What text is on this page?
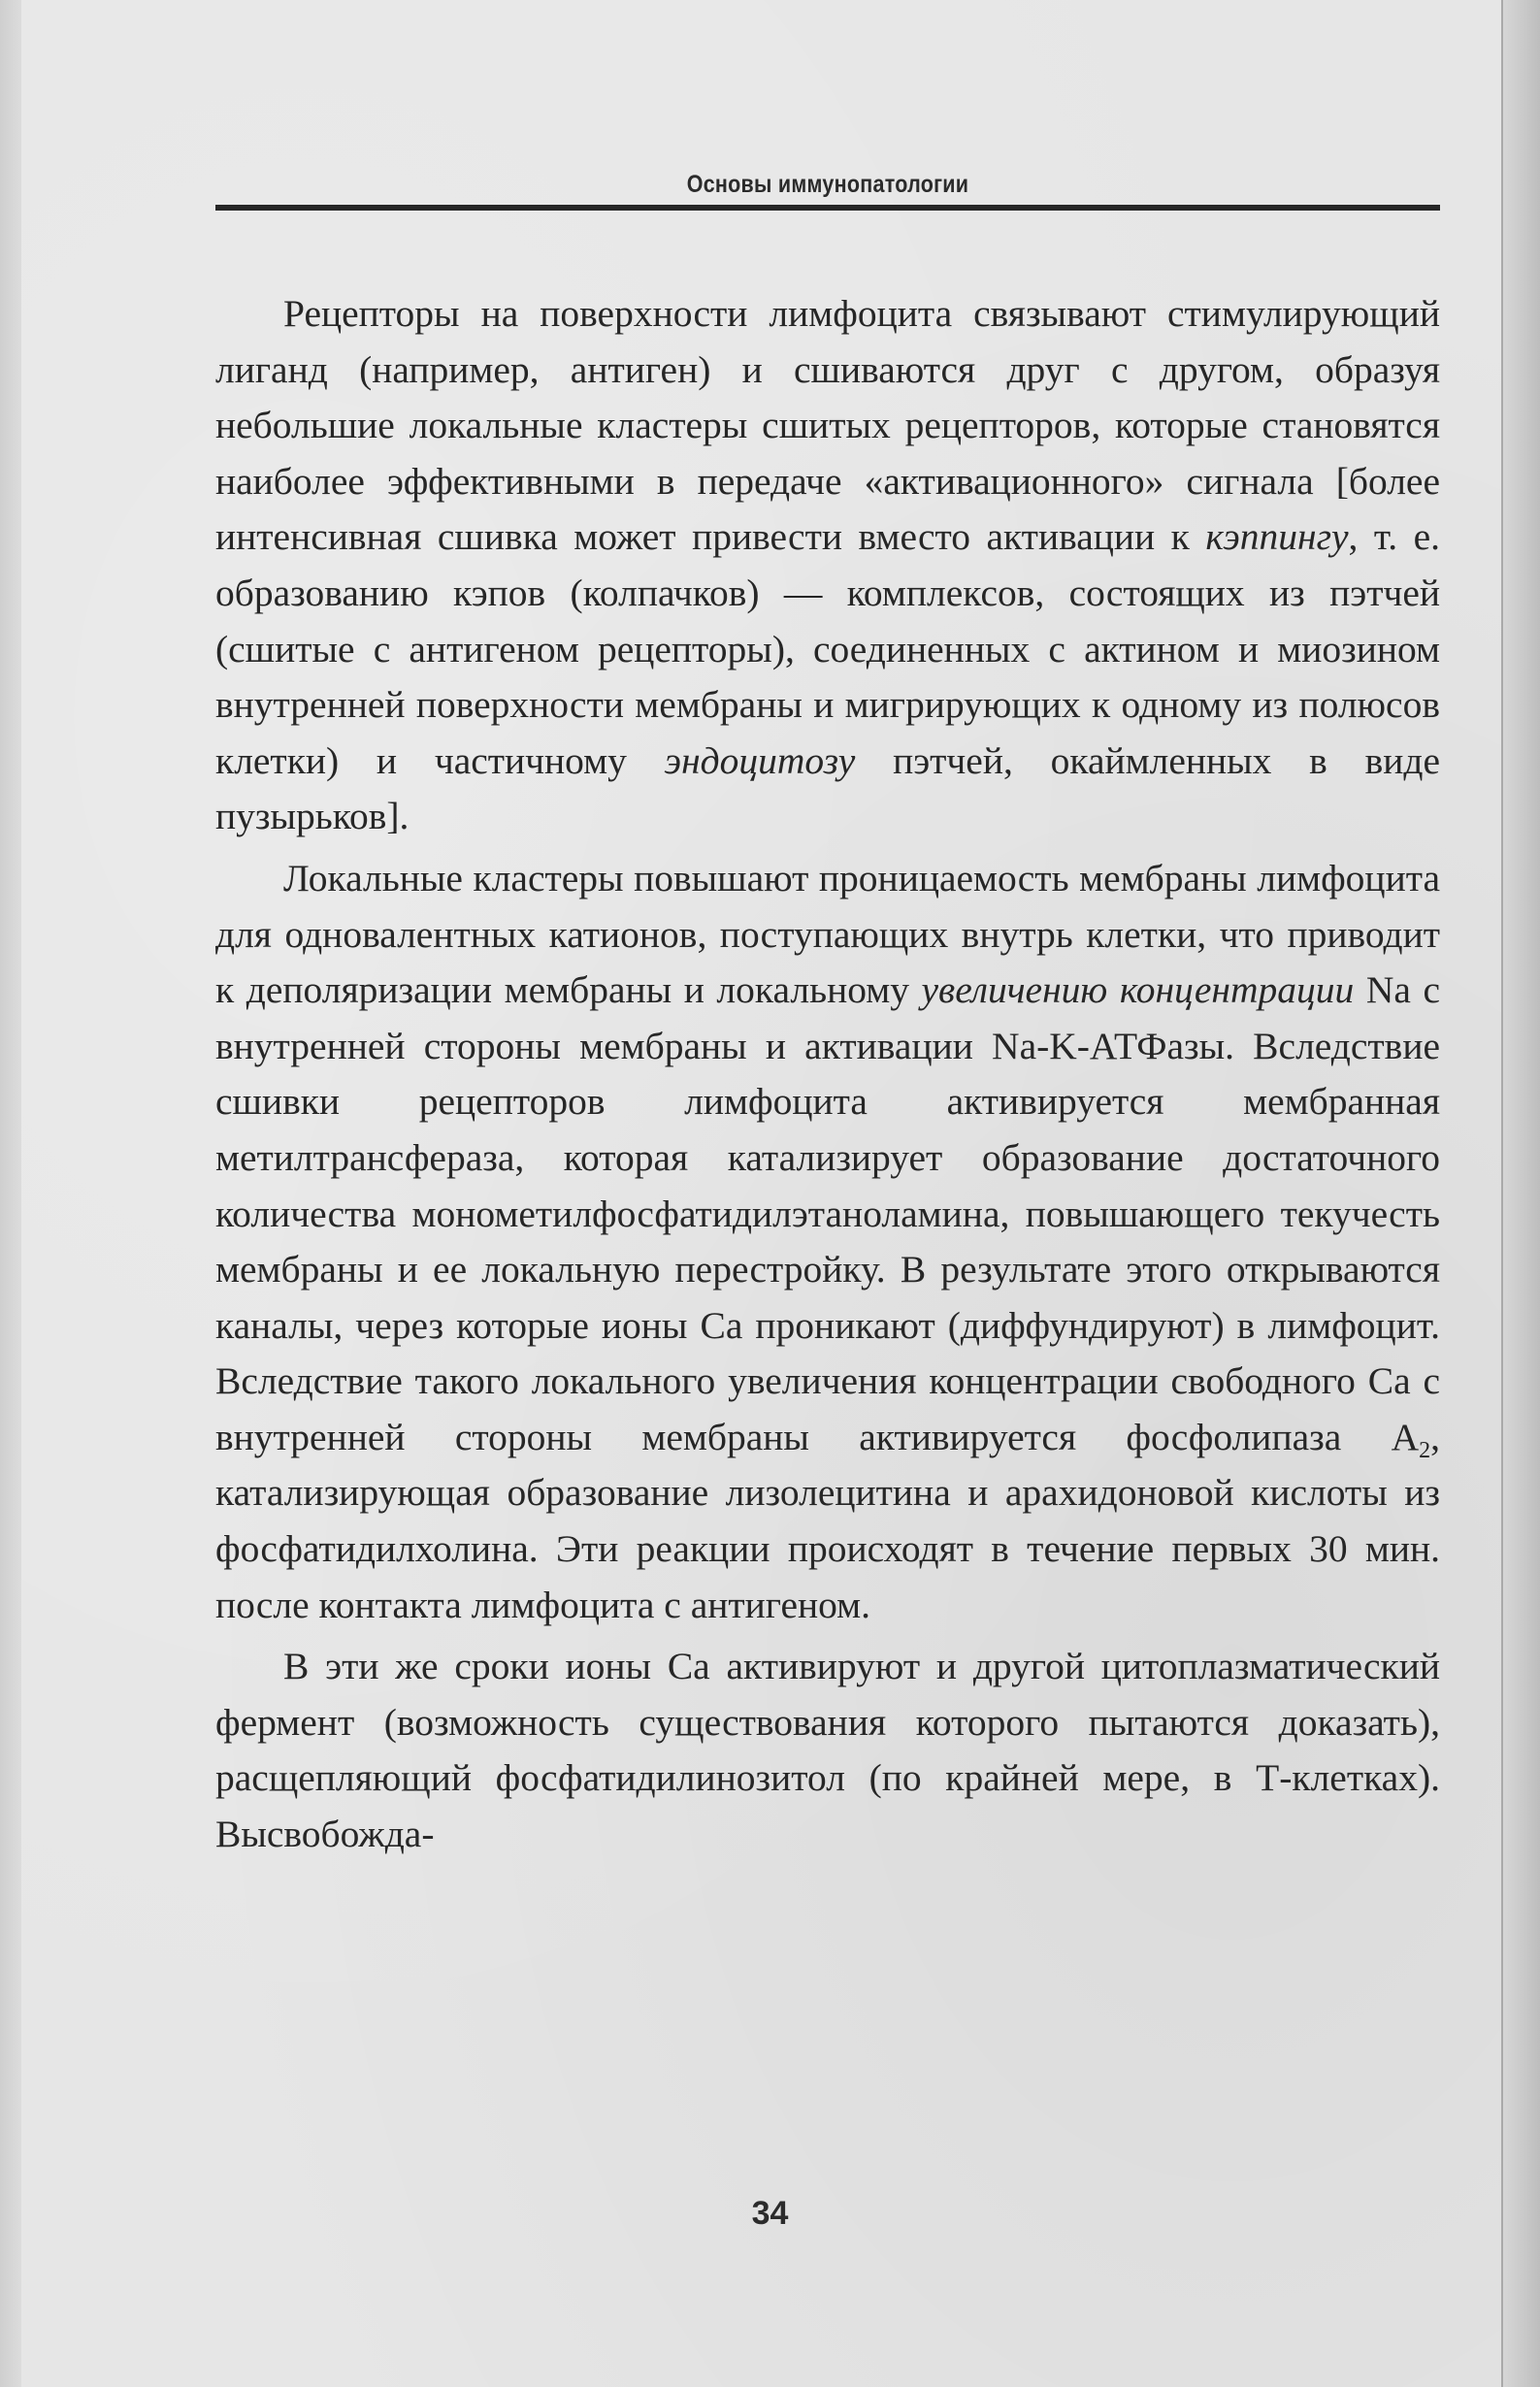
Основы иммунопатологии

Рецепторы на поверхности лимфоцита связывают стимулирующий лиганд (например, антиген) и сшиваются друг с другом, образуя небольшие локальные кластеры сшитых рецепторов, которые становятся наиболее эффективными в передаче «активационного» сигнала [более интенсивная сшивка может привести вместо активации к кэппингу, т. е. образованию кэпов (колпачков) — комплексов, состоящих из пэтчей (сшитые с антигеном рецепторы), соединенных с актином и миозином внутренней поверхности мембраны и мигрирующих к одному из полюсов клетки) и частичному эндоцитозу пэтчей, окаймленных в виде пузырьков].

Локальные кластеры повышают проницаемость мембраны лимфоцита для одновалентных катионов, поступающих внутрь клетки, что приводит к деполяризации мембраны и локальному увеличению концентрации Na с внутренней стороны мембраны и активации Na-K-АТФазы. Вследствие сшивки рецепторов лимфоцита активируется мембранная метилтрансфераза, которая катализирует образование достаточного количества монометилфосфатидилэтаноламина, повышающего текучесть мембраны и ее локальную перестройку. В результате этого открываются каналы, через которые ионы Са проникают (диффундируют) в лимфоцит. Вследствие такого локального увеличения концентрации свободного Са с внутренней стороны мембраны активируется фосфолипаза $А_2$, катализирующая образование лизолецитина и арахидоновой кислоты из фосфатидилхолина. Эти реакции происходят в течение первых 30 мин. после контакта лимфоцита с антигеном.

В эти же сроки ионы Са активируют и другой цитоплазматический фермент (возможность существования которого пытаются доказать), расщепляющий фосфатидилинозитол (по крайней мере, в Т-клетках). Высвобожда-

34
